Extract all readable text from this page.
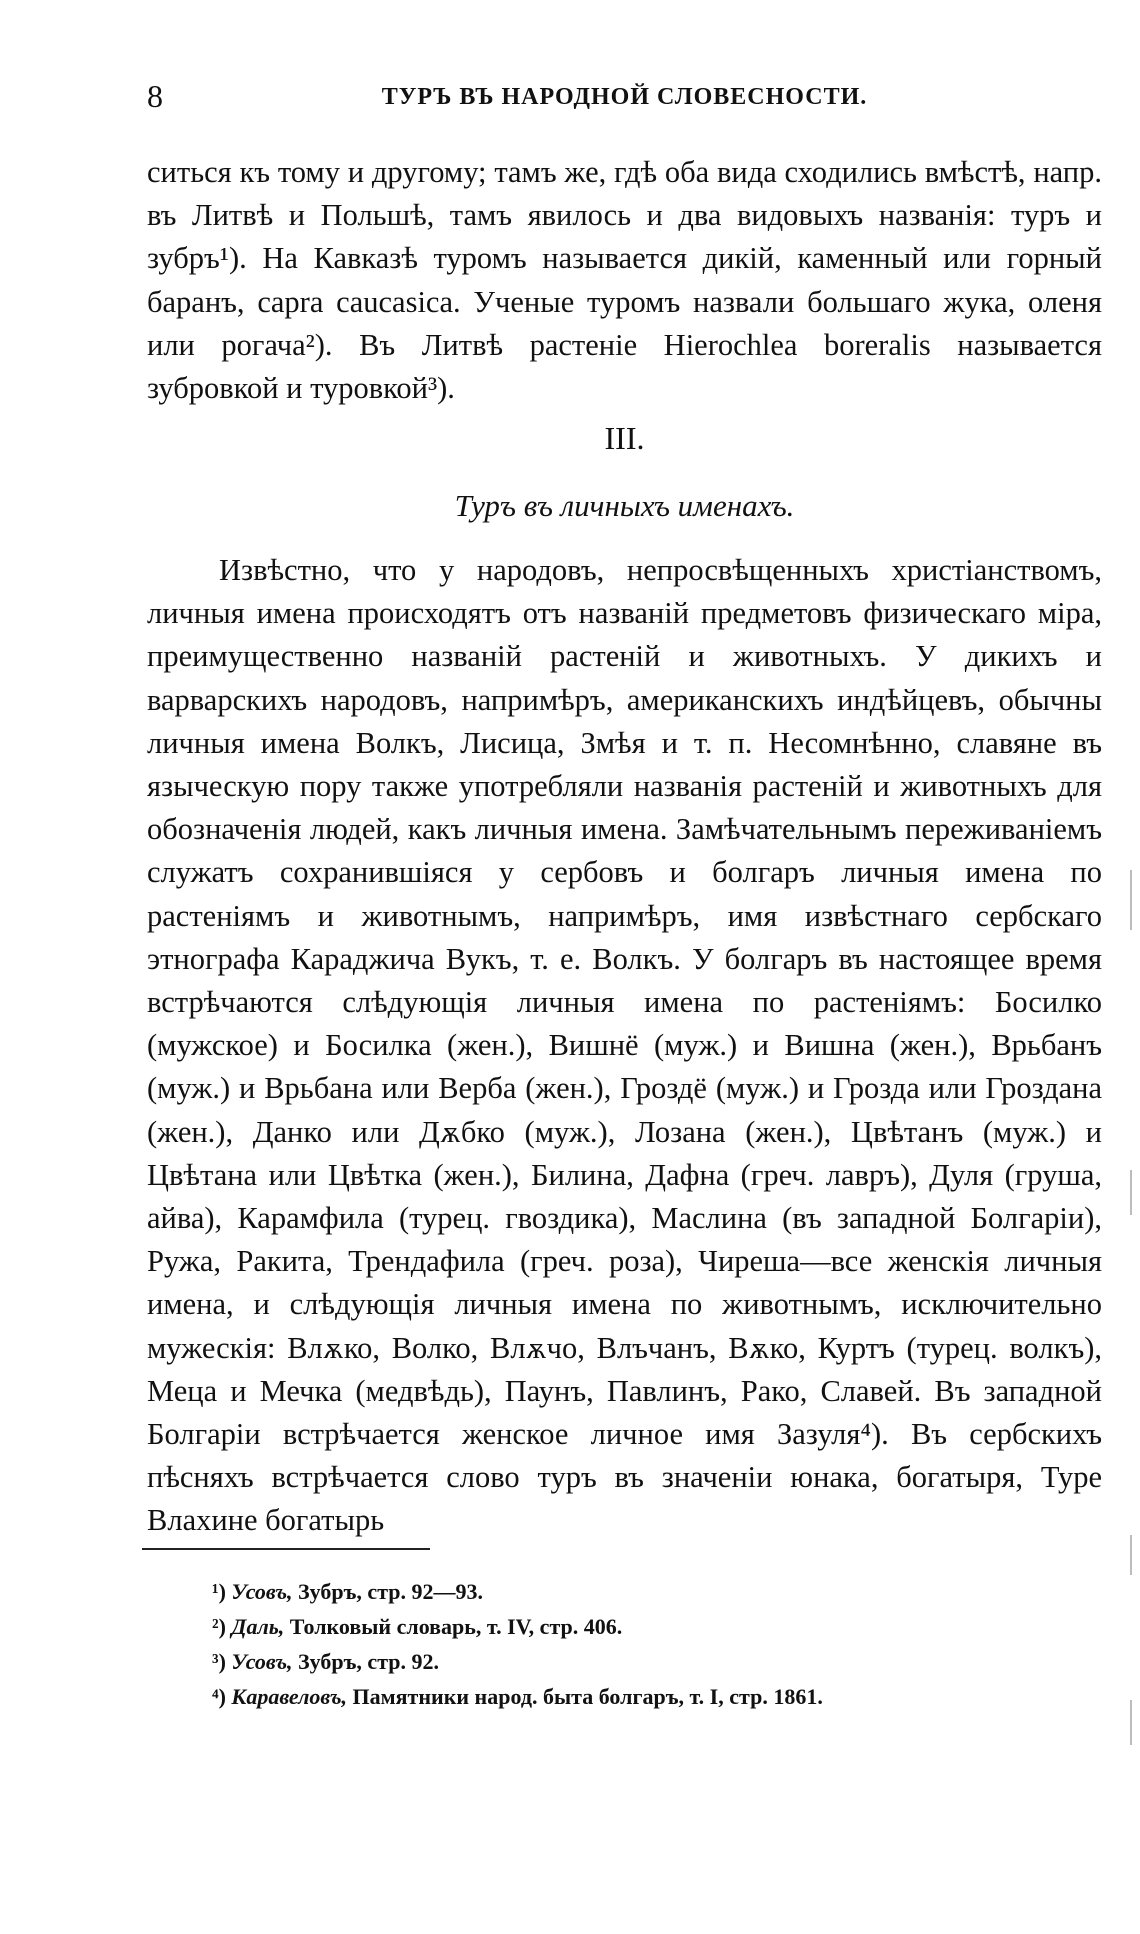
8	ТУРЪ ВЪ НАРОДНОЙ СЛОВЕСНОСТИ.

ситься къ тому и другому; тамъ же, гдѣ оба вида сходились вмѣстѣ, напр. въ Литвѣ и Польшѣ, тамъ явилось и два видовыхъ названія: туръ и зубръ¹). На Кавказѣ туромъ называется дикій, каменный или горный баранъ, capra caucasica. Ученые туромъ назвали большаго жука, оленя или рогача²). Въ Литвѣ растеніе Hierochlea boreralis называется зубровкой и туровкой³).

III.
Туръ въ личныхъ именахъ.

Извѣстно, что у народовъ, непросвѣщенныхъ христіанствомъ, личныя имена происходятъ отъ названій предметовъ физическаго міра, преимущественно названій растеній и животныхъ. У дикихъ и варварскихъ народовъ, напримѣръ, американскихъ индѣйцевъ, обычны личныя имена Волкъ, Лисица, Змѣя и т. п. Несомнѣнно, славяне въ языческую пору также употребляли названія растеній и животныхъ для обозначенія людей, какъ личныя имена. Замѣчательнымъ переживаніемъ служатъ сохранившіяся у сербовъ и болгаръ личныя имена по растеніямъ и животнымъ, напримѣръ, имя извѣстнаго сербскаго этнографа Караджича Вукъ, т. е. Волкъ. У болгаръ въ настоящее время встрѣчаются слѣдующія личныя имена по растеніямъ: Босилко (мужское) и Босилка (жен.), Вишнё (муж.) и Вишна (жен.), Врьбанъ (муж.) и Врьбана или Верба (жен.), Гроздё (муж.) и Грозда или Гроздана (жен.), Данко или Дѫбко (муж.), Лозана (жен.), Цвѣтанъ (муж.) и Цвѣтана или Цвѣтка (жен.), Билина, Дафна (греч. лавръ), Дуля (груша, айва), Карамфила (турец. гвоздика), Маслина (въ западной Болгаріи), Ружа, Ракита, Трендафила (греч. роза), Чиреша—все женскія личныя имена, и слѣдующія личныя имена по животнымъ, исключительно мужескія: Влѫко, Волко, Влѫчо, Влъчанъ, Вѫко, Куртъ (турец. волкъ), Меца и Мечка (медвѣдь), Паунъ, Павлинъ, Рако, Славей. Въ западной Болгаріи встрѣчается женское личное имя Зазуля⁴). Въ сербскихъ пѣсняхъ встрѣчается слово туръ въ значеніи юнака, богатыря, Туре Влахине богатырь

¹) Усовъ, Зубръ, стр. 92—93.
²) Даль, Толковый словарь, т. IV, стр. 406.
³) Усовъ, Зубръ, стр. 92.
⁴) Каравеловъ, Памятники народ. быта болгаръ, т. I, стр. 1861.
